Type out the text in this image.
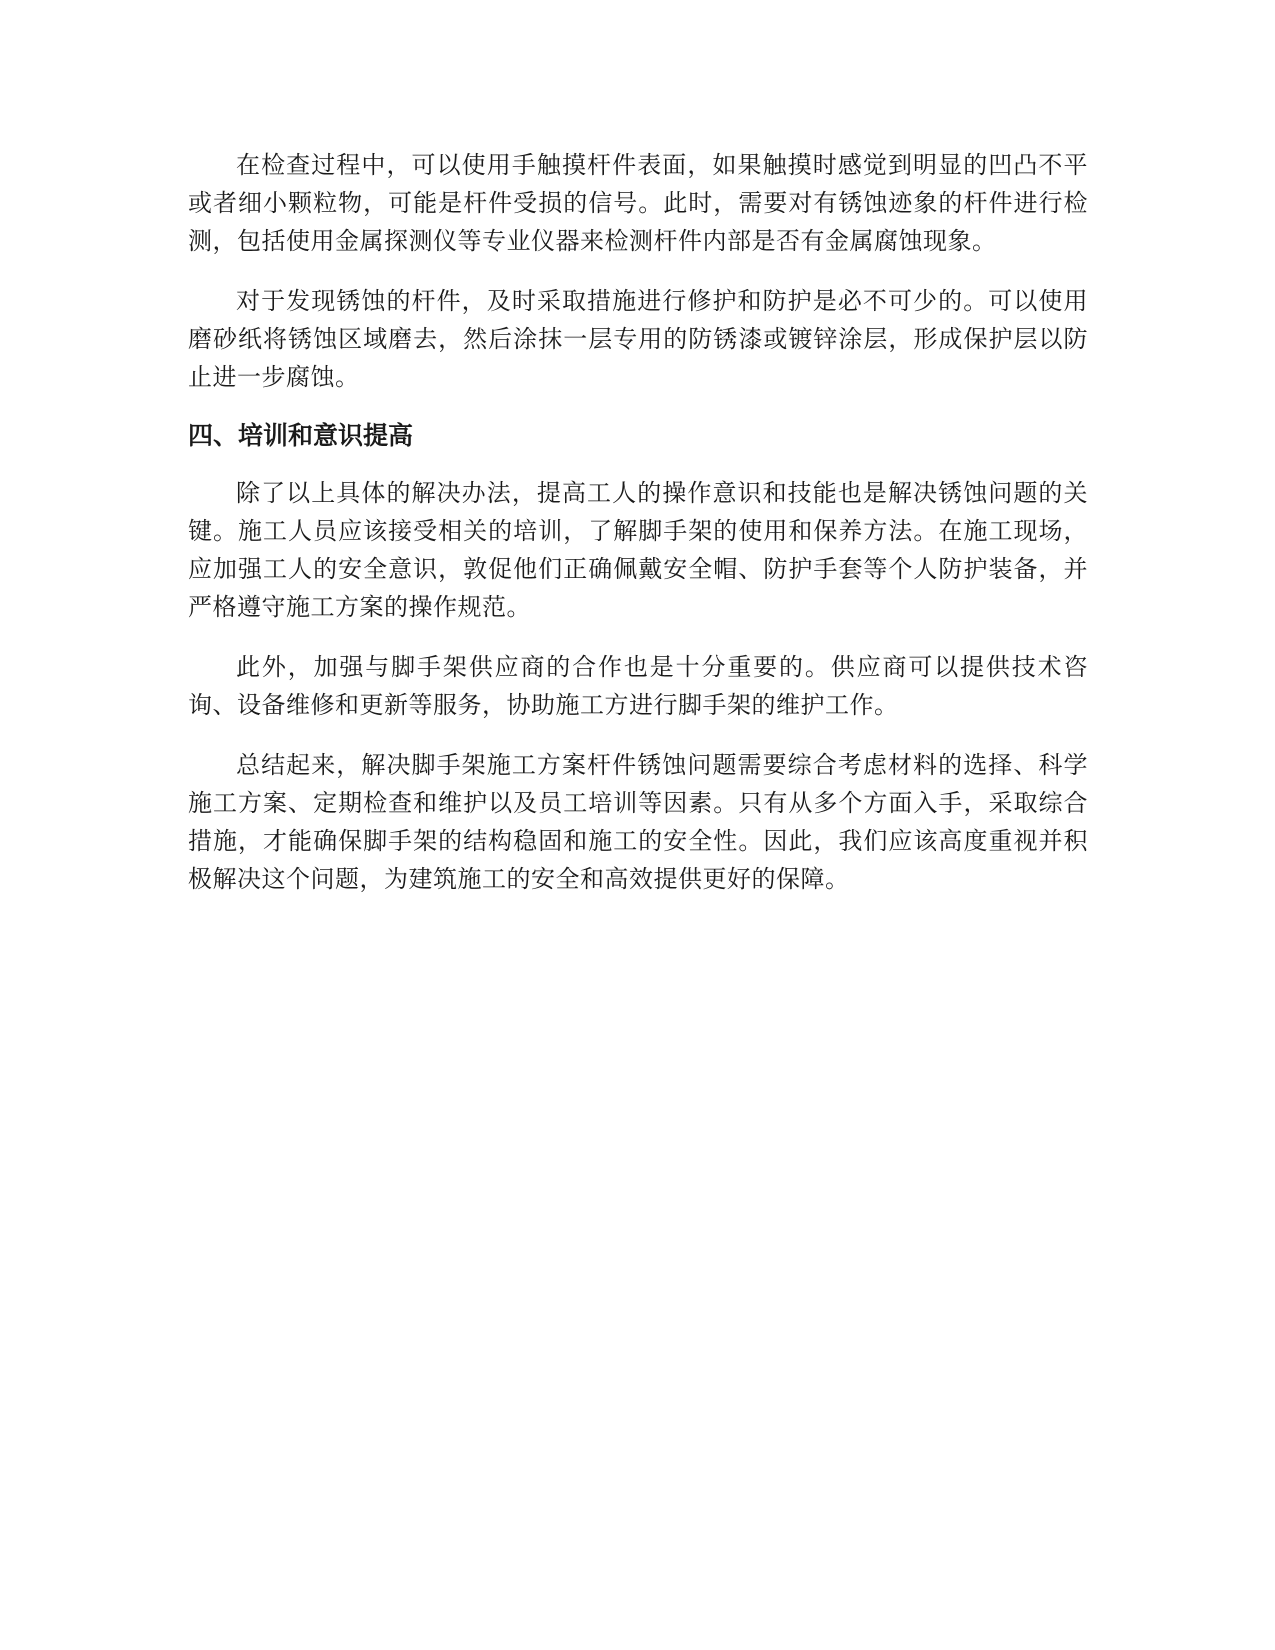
在检查过程中，可以使用手触摸杆件表面，如果触摸时感觉到明显的凹凸不平或者细小颗粒物，可能是杆件受损的信号。此时，需要对有锈蚀迹象的杆件进行检测，包括使用金属探测仪等专业仪器来检测杆件内部是否有金属腐蚀现象。

对于发现锈蚀的杆件，及时采取措施进行修护和防护是必不可少的。可以使用磨砂纸将锈蚀区域磨去，然后涂抹一层专用的防锈漆或镀锌涂层，形成保护层以防止进一步腐蚀。

四、培训和意识提高

除了以上具体的解决办法，提高工人的操作意识和技能也是解决锈蚀问题的关键。施工人员应该接受相关的培训，了解脚手架的使用和保养方法。在施工现场，应加强工人的安全意识，敦促他们正确佩戴安全帽、防护手套等个人防护装备，并严格遵守施工方案的操作规范。

此外，加强与脚手架供应商的合作也是十分重要的。供应商可以提供技术咨询、设备维修和更新等服务，协助施工方进行脚手架的维护工作。

总结起来，解决脚手架施工方案杆件锈蚀问题需要综合考虑材料的选择、科学施工方案、定期检查和维护以及员工培训等因素。只有从多个方面入手，采取综合措施，才能确保脚手架的结构稳固和施工的安全性。因此，我们应该高度重视并积极解决这个问题，为建筑施工的安全和高效提供更好的保障。
